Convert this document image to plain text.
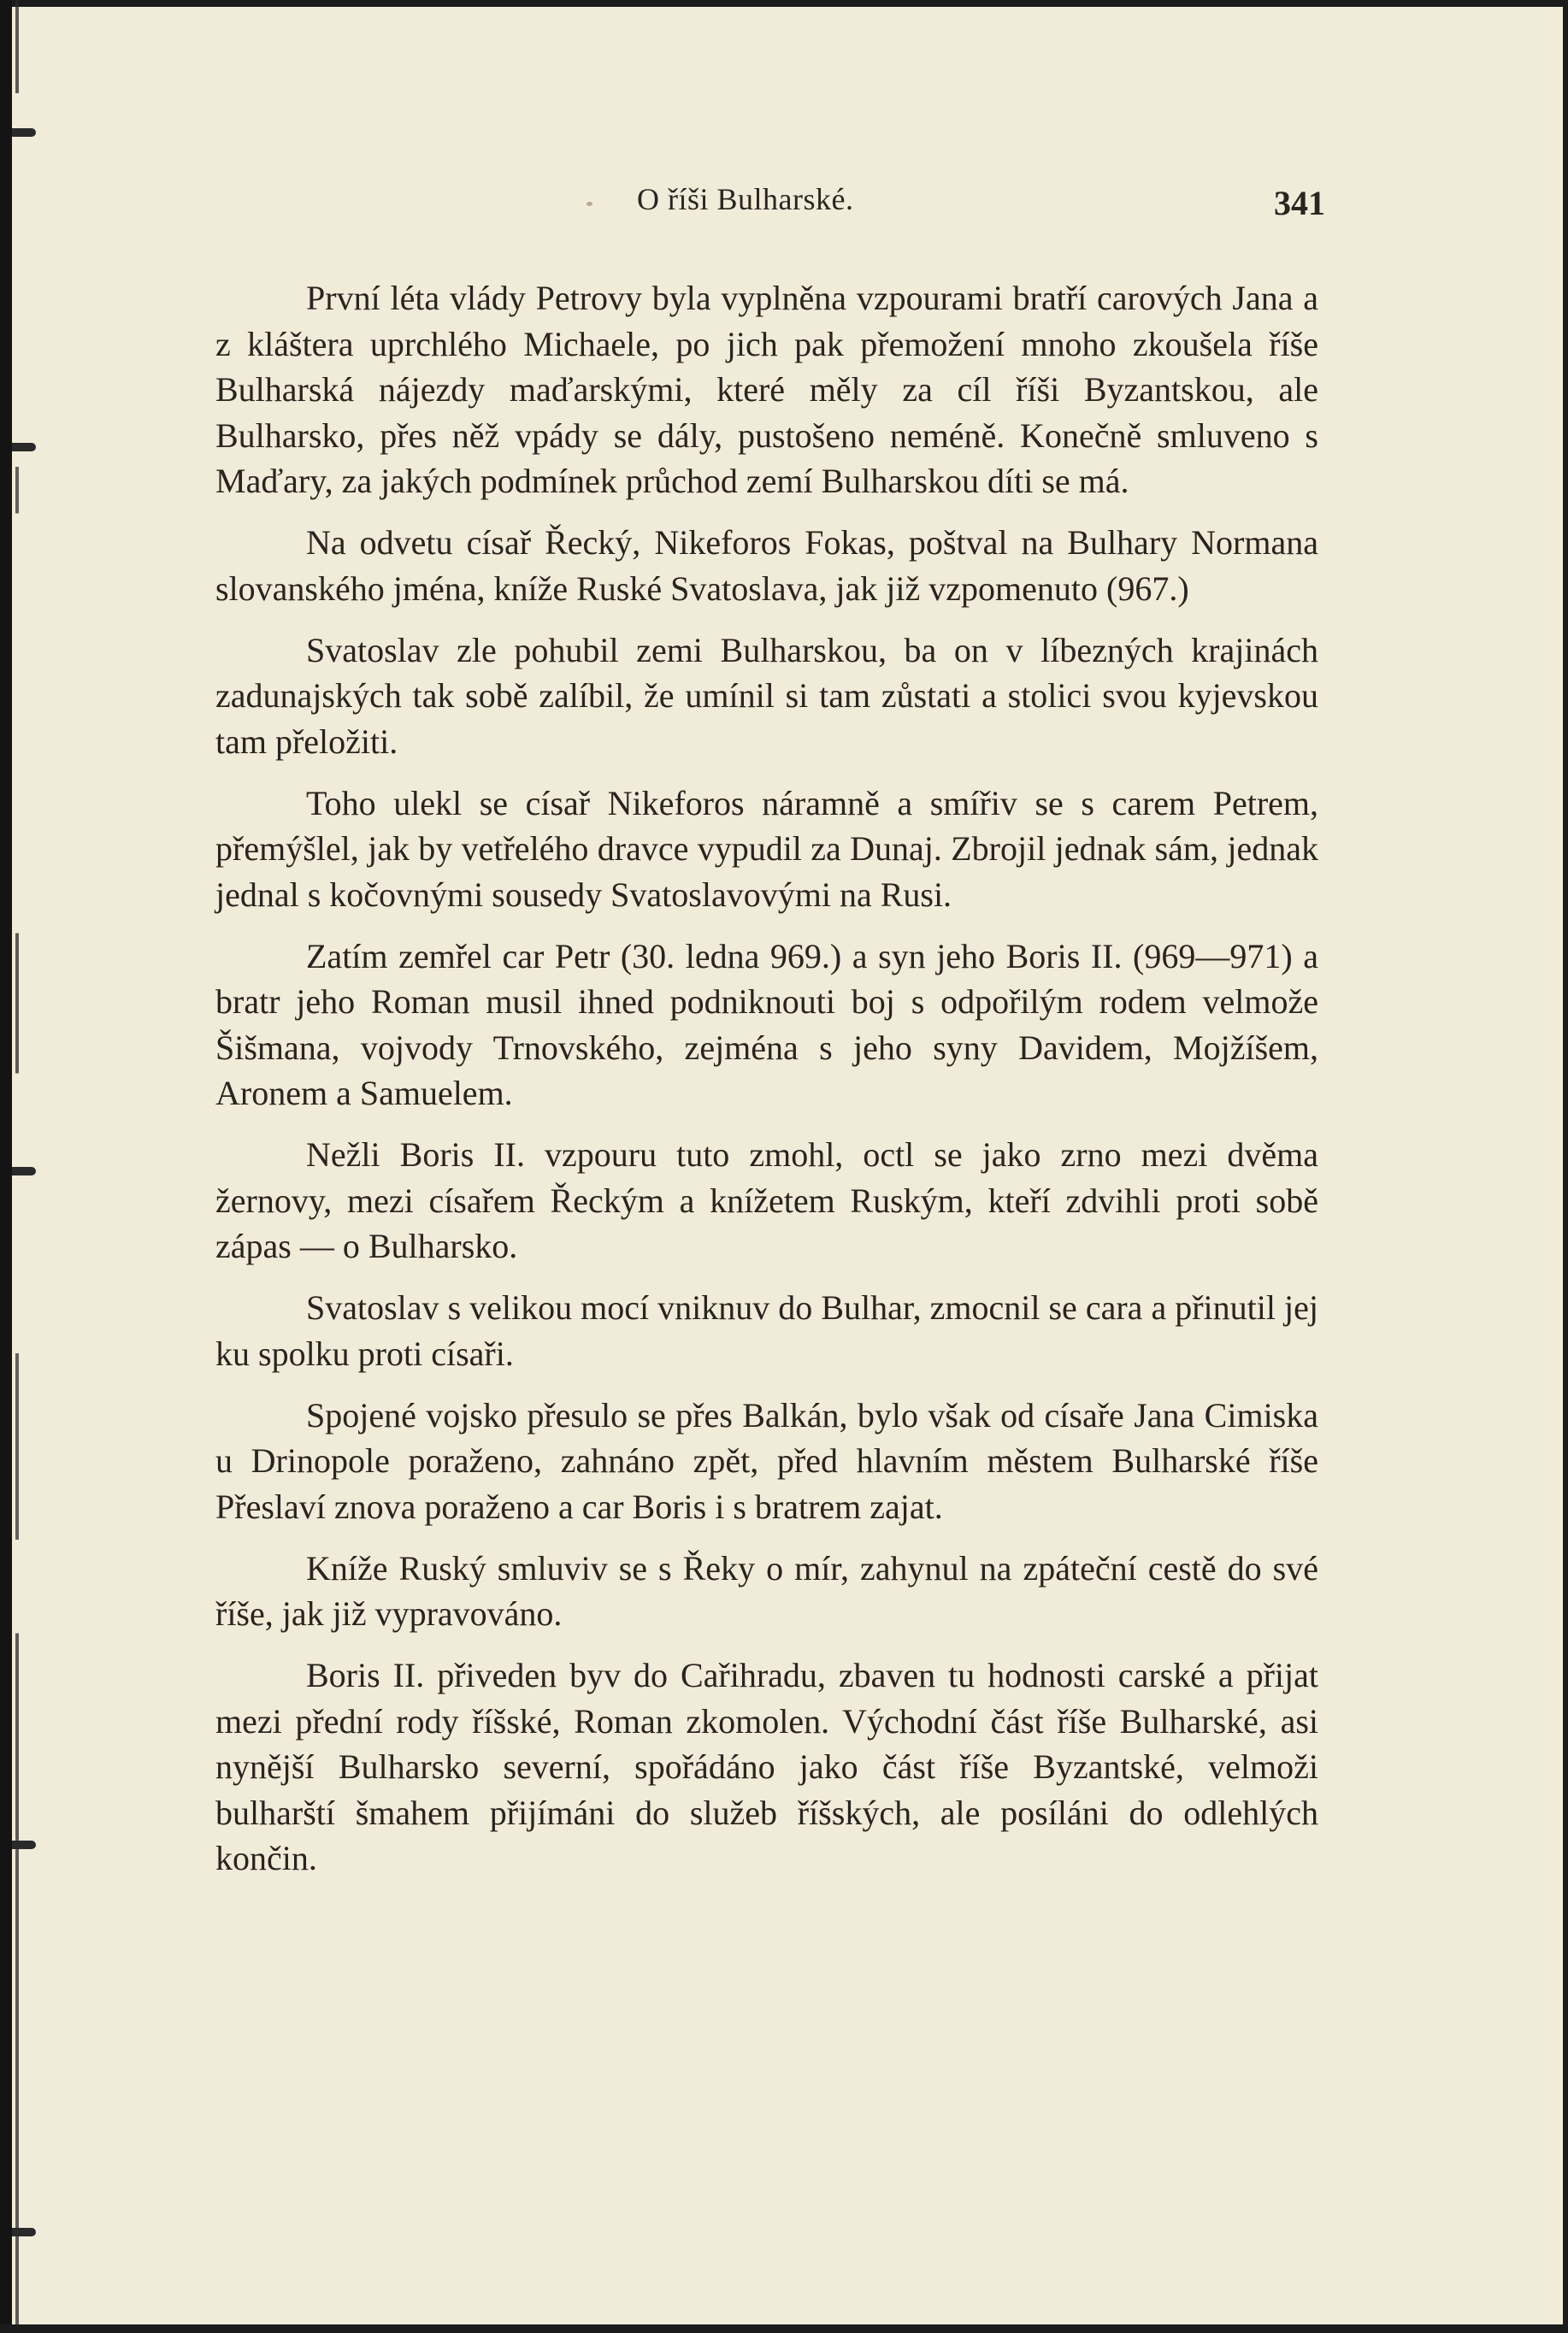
O říši Bulharské.	341

První léta vlády Petrovy byla vyplněna vzpourami bratří carových Jana a z kláštera uprchlého Michaele, po jich pak přemožení mnoho zkoušela říše Bulharská nájezdy maďarskými, které měly za cíl říši Byzantskou, ale Bulharsko, přes něž vpády se dály, pustošeno neméně. Konečně smluveno s Maďary, za jakých podmínek průchod zemí Bulharskou díti se má.

Na odvetu císař Řecký, Nikeforos Fokas, poštval na Bulhary Normana slovanského jména, kníže Ruské Svatoslava, jak již vzpomenuto (967.)

Svatoslav zle pohubil zemi Bulharskou, ba on v líbezných krajinách zadunajských tak sobě zalíbil, že umínil si tam zůstati a stolici svou kyjevskou tam přeložiti.

Toho ulekl se císař Nikeforos náramně a smířiv se s carem Petrem, přemýšlel, jak by vetřelého dravce vypudil za Dunaj. Zbrojil jednak sám, jednak jednal s kočovnými sousedy Svatoslavovými na Rusi.

Zatím zemřel car Petr (30. ledna 969.) a syn jeho Boris II. (969—971) a bratr jeho Roman musil ihned podniknouti boj s odpořilým rodem velmože Šišmana, vojvody Trnovského, zejména s jeho syny Davidem, Mojžíšem, Aronem a Samuelem.

Nežli Boris II. vzpouru tuto zmohl, octl se jako zrno mezi dvěma žernovy, mezi císařem Řeckým a knížetem Ruským, kteří zdvihli proti sobě zápas — o Bulharsko.

Svatoslav s velikou mocí vniknuv do Bulhar, zmocnil se cara a přinutil jej ku spolku proti císaři.

Spojené vojsko přesulo se přes Balkán, bylo však od císaře Jana Cimiska u Drinopole poraženo, zahnáno zpět, před hlavním městem Bulharské říše Přeslaví znova poraženo a car Boris i s bratrem zajat.

Kníže Ruský smluviv se s Řeky o mír, zahynul na zpáteční cestě do své říše, jak již vypravováno.

Boris II. přiveden byv do Cařihradu, zbaven tu hodnosti carské a přijat mezi přední rody říšské, Roman zkomolen. Východní část říše Bulharské, asi nynější Bulharsko severní, spořádáno jako část říše Byzantské, velmoži bulharští šmahem přijímáni do služeb říšských, ale posíláni do odlehlých končin.
